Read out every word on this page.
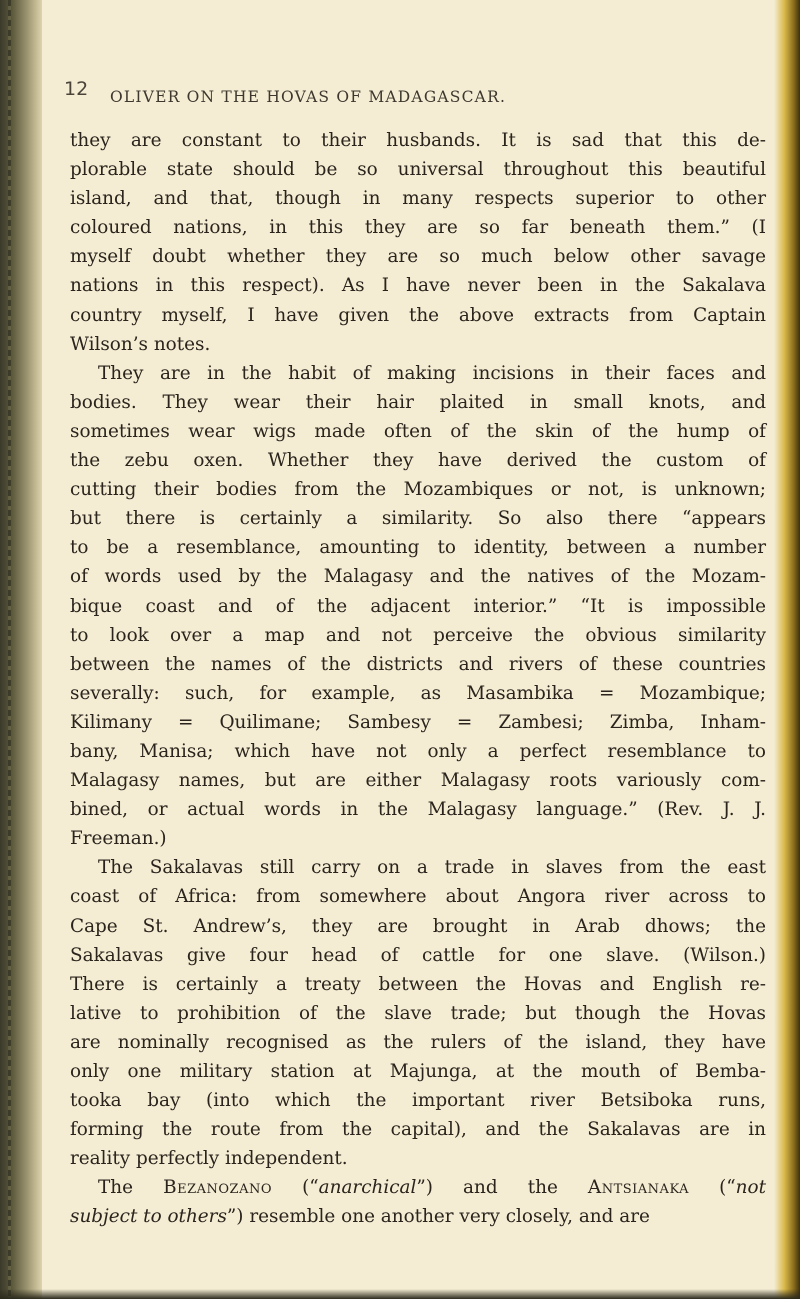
12 OLIVER ON THE HOVAS OF MADAGASCAR.
they are constant to their husbands. It is sad that this de-
plorable state should be so universal throughout this beautiful
island, and that, though in many respects superior to other
coloured nations, in this they are so far beneath them.” (I
myself doubt whether they are so much below other savage
nations in this respect). As I have never been in the Sakalava
country myself, I have given the above extracts from Captain
Wilson’s notes.
They are in the habit of making incisions in their faces and
bodies. They wear their hair plaited in small knots, and
sometimes wear wigs made often of the skin of the hump of
the zebu oxen. Whether they have derived the custom of
cutting their bodies from the Mozambiques or not, is unknown;
but there is certainly a similarity. So also there “appears
to be a resemblance, amounting to identity, between a number
of words used by the Malagasy and the natives of the Mozam-
bique coast and of the adjacent interior.” “It is impossible
to look over a map and not perceive the obvious similarity
between the names of the districts and rivers of these countries
severally: such, for example, as Masambika = Mozambique;
Kilimany = Quilimane; Sambesy = Zambesi; Zimba, Inham-
bany, Manisa; which have not only a perfect resemblance to
Malagasy names, but are either Malagasy roots variously com-
bined, or actual words in the Malagasy language.” (Rev. J. J.
Freeman.)
The Sakalavas still carry on a trade in slaves from the east
coast of Africa: from somewhere about Angora river across to
Cape St. Andrew’s, they are brought in Arab dhows; the
Sakalavas give four head of cattle for one slave. (Wilson.)
There is certainly a treaty between the Hovas and English re-
lative to prohibition of the slave trade; but though the Hovas
are nominally recognised as the rulers of the island, they have
only one military station at Majunga, at the mouth of Bemba-
tooka bay (into which the important river Betsiboka runs,
forming the route from the capital), and the Sakalavas are in
reality perfectly independent.
The Bezanozano (“anarchical”) and the Antsianaka (“not
subject to others”) resemble one another very closely, and are
